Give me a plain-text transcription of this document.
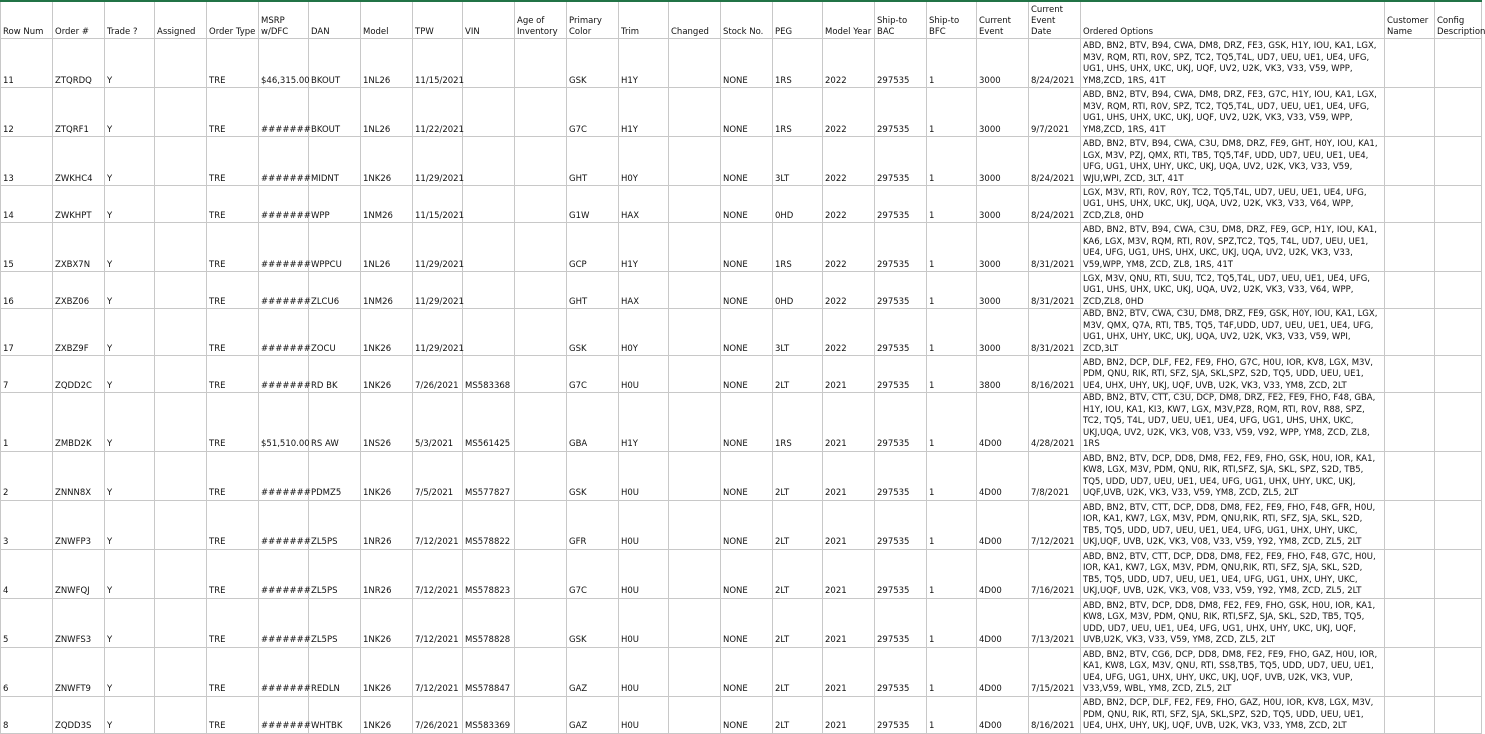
Row Num	Order #	Trade ?	Assigned	Order Type	MSRP w/DFC	DAN	Model	TPW	VIN	Age of Inventory	Primary Color	Trim	Changed	Stock No.	PEG	Model Year	Ship-to BAC	Ship-to BFC	Current Event	Current Event Date	Ordered Options	Customer Name	Config Description
11	ZTQRDQ	Y		TRE	$46,315.00	BKOUT	1NL26	11/15/2021			GSK	H1Y		NONE	1RS	2022	297535	1	3000	8/24/2021	ABD, BN2, BTV, B94, CWA, DM8, DRZ, FE3, GSK, H1Y, IOU, KA1, LGX, M3V, RQM, RTI, R0V, SPZ, TC2, TQ5,T4L, UD7, UEU, UE1, UE4, UFG, UG1, UHS, UHX, UKC, UKJ, UQF, UV2, U2K, VK3, V33, V59, WPP, YM8,ZCD, 1RS, 41T		
12	ZTQRF1	Y		TRE	#######	BKOUT	1NL26	11/22/2021			G7C	H1Y		NONE	1RS	2022	297535	1	3000	9/7/2021	ABD, BN2, BTV, B94, CWA, DM8, DRZ, FE3, G7C, H1Y, IOU, KA1, LGX, M3V, RQM, RTI, R0V, SPZ, TC2, TQ5,T4L, UD7, UEU, UE1, UE4, UFG, UG1, UHS, UHX, UKC, UKJ, UQF, UV2, U2K, VK3, V33, V59, WPP, YM8,ZCD, 1RS, 41T		
13	ZWKHC4	Y		TRE	#######	MIDNT	1NK26	11/29/2021			GHT	H0Y		NONE	3LT	2022	297535	1	3000	8/24/2021	ABD, BN2, BTV, B94, CWA, C3U, DM8, DRZ, FE9, GHT, H0Y, IOU, KA1, LGX, M3V, PZJ, QMX, RTI, TB5, TQ5,T4F, UDD, UD7, UEU, UE1, UE4, UFG, UG1, UHX, UHY, UKC, UKJ, UQA, UV2, U2K, VK3, V33, V59, WJU,WPI, ZCD, 3LT, 41T		
14	ZWKHPT	Y		TRE	#######	WPP	1NM26	11/15/2021			G1W	HAX		NONE	0HD	2022	297535	1	3000	8/24/2021	LGX, M3V, RTI, R0V, R0Y, TC2, TQ5,T4L, UD7, UEU, UE1, UE4, UFG, UG1, UHS, UHX, UKC, UKJ, UQA, UV2, U2K, VK3, V33, V64, WPP, ZCD,ZL8, 0HD		
15	ZXBX7N	Y		TRE	#######	WPPCU	1NL26	11/29/2021			GCP	H1Y		NONE	1RS	2022	297535	1	3000	8/31/2021	ABD, BN2, BTV, B94, CWA, C3U, DM8, DRZ, FE9, GCP, H1Y, IOU, KA1, KA6, LGX, M3V, RQM, RTI, R0V, SPZ,TC2, TQ5, T4L, UD7, UEU, UE1, UE4, UFG, UG1, UHS, UHX, UKC, UKJ, UQA, UV2, U2K, VK3, V33, V59,WPP, YM8, ZCD, ZL8, 1RS, 41T		
16	ZXBZ06	Y		TRE	#######	ZLCU6	1NM26	11/29/2021			GHT	HAX		NONE	0HD	2022	297535	1	3000	8/31/2021	LGX, M3V, QNU, RTI, SUU, TC2, TQ5,T4L, UD7, UEU, UE1, UE4, UFG, UG1, UHS, UHX, UKC, UKJ, UQA, UV2, U2K, VK3, V33, V64, WPP, ZCD,ZL8, 0HD		
17	ZXBZ9F	Y		TRE	#######	ZOCU	1NK26	11/29/2021			GSK	H0Y		NONE	3LT	2022	297535	1	3000	8/31/2021	ABD, BN2, BTV, CWA, C3U, DM8, DRZ, FE9, GSK, H0Y, IOU, KA1, LGX, M3V, QMX, Q7A, RTI, TB5, TQ5, T4F,UDD, UD7, UEU, UE1, UE4, UFG, UG1, UHX, UHY, UKC, UKJ, UQA, UV2, U2K, VK3, V33, V59, WPI, ZCD,3LT		
7	ZQDD2C	Y		TRE	#######	RD BK	1NK26	7/26/2021	MS583368		G7C	H0U		NONE	2LT	2021	297535	1	3800	8/16/2021	ABD, BN2, DCP, DLF, FE2, FE9, FHO, G7C, H0U, IOR, KV8, LGX, M3V, PDM, QNU, RIK, RTI, SFZ, SJA, SKL,SPZ, S2D, TQ5, UDD, UEU, UE1, UE4, UHX, UHY, UKJ, UQF, UVB, U2K, VK3, V33, YM8, ZCD, 2LT		
1	ZMBD2K	Y		TRE	$51,510.00	RS AW	1NS26	5/3/2021	MS561425		GBA	H1Y		NONE	1RS	2021	297535	1	4D00	4/28/2021	ABD, BN2, BTV, CTT, C3U, DCP, DM8, DRZ, FE2, FE9, FHO, F48, GBA, H1Y, IOU, KA1, KI3, KW7, LGX, M3V,PZ8, RQM, RTI, R0V, R88, SPZ, TC2, TQ5, T4L, UD7, UEU, UE1, UE4, UFG, UG1, UHS, UHX, UKC, UKJ,UQA, UV2, U2K, VK3, V08, V33, V59, V92, WPP, YM8, ZCD, ZL8, 1RS		
2	ZNNN8X	Y		TRE	#######	PDMZ5	1NK26	7/5/2021	MS577827		GSK	H0U		NONE	2LT	2021	297535	1	4D00	7/8/2021	ABD, BN2, BTV, DCP, DD8, DM8, FE2, FE9, FHO, GSK, H0U, IOR, KA1, KW8, LGX, M3V, PDM, QNU, RIK, RTI,SFZ, SJA, SKL, SPZ, S2D, TB5, TQ5, UDD, UD7, UEU, UE1, UE4, UFG, UG1, UHX, UHY, UKC, UKJ, UQF,UVB, U2K, VK3, V33, V59, YM8, ZCD, ZL5, 2LT		
3	ZNWFP3	Y		TRE	#######	ZL5PS	1NR26	7/12/2021	MS578822		GFR	H0U		NONE	2LT	2021	297535	1	4D00	7/12/2021	ABD, BN2, BTV, CTT, DCP, DD8, DM8, FE2, FE9, FHO, F48, GFR, H0U, IOR, KA1, KW7, LGX, M3V, PDM, QNU,RIK, RTI, SFZ, SJA, SKL, S2D, TB5, TQ5, UDD, UD7, UEU, UE1, UE4, UFG, UG1, UHX, UHY, UKC, UKJ,UQF, UVB, U2K, VK3, V08, V33, V59, Y92, YM8, ZCD, ZL5, 2LT		
4	ZNWFQJ	Y		TRE	#######	ZL5PS	1NR26	7/12/2021	MS578823		G7C	H0U		NONE	2LT	2021	297535	1	4D00	7/16/2021	ABD, BN2, BTV, CTT, DCP, DD8, DM8, FE2, FE9, FHO, F48, G7C, H0U, IOR, KA1, KW7, LGX, M3V, PDM, QNU,RIK, RTI, SFZ, SJA, SKL, S2D, TB5, TQ5, UDD, UD7, UEU, UE1, UE4, UFG, UG1, UHX, UHY, UKC, UKJ,UQF, UVB, U2K, VK3, V08, V33, V59, Y92, YM8, ZCD, ZL5, 2LT		
5	ZNWFS3	Y		TRE	#######	ZL5PS	1NK26	7/12/2021	MS578828		GSK	H0U		NONE	2LT	2021	297535	1	4D00	7/13/2021	ABD, BN2, BTV, DCP, DD8, DM8, FE2, FE9, FHO, GSK, H0U, IOR, KA1, KW8, LGX, M3V, PDM, QNU, RIK, RTI,SFZ, SJA, SKL, S2D, TB5, TQ5, UDD, UD7, UEU, UE1, UE4, UFG, UG1, UHX, UHY, UKC, UKJ, UQF, UVB,U2K, VK3, V33, V59, YM8, ZCD, ZL5, 2LT		
6	ZNWFT9	Y		TRE	#######	REDLN	1NK26	7/12/2021	MS578847		GAZ	H0U		NONE	2LT	2021	297535	1	4D00	7/15/2021	ABD, BN2, BTV, CG6, DCP, DD8, DM8, FE2, FE9, FHO, GAZ, H0U, IOR, KA1, KW8, LGX, M3V, QNU, RTI, SS8,TB5, TQ5, UDD, UD7, UEU, UE1, UE4, UFG, UG1, UHX, UHY, UKC, UKJ, UQF, UVB, U2K, VK3, VUP, V33,V59, WBL, YM8, ZCD, ZL5, 2LT		
8	ZQDD3S	Y		TRE	#######	WHTBK	1NK26	7/26/2021	MS583369		GAZ	H0U		NONE	2LT	2021	297535	1	4D00	8/16/2021	ABD, BN2, DCP, DLF, FE2, FE9, FHO, GAZ, H0U, IOR, KV8, LGX, M3V, PDM, QNU, RIK, RTI, SFZ, SJA, SKL,SPZ, S2D, TQ5, UDD, UEU, UE1, UE4, UHX, UHY, UKJ, UQF, UVB, U2K, VK3, V33, YM8, ZCD, 2LT		
